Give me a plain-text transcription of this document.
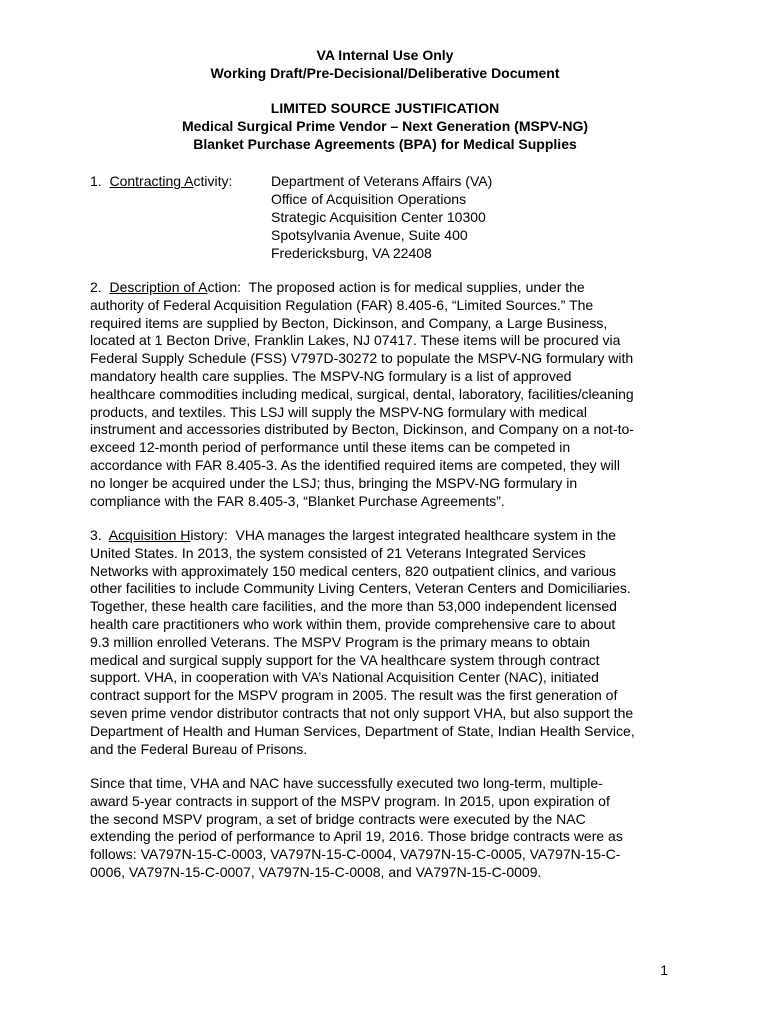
VA Internal Use Only
Working Draft/Pre-Decisional/Deliberative Document
LIMITED SOURCE JUSTIFICATION
Medical Surgical Prime Vendor – Next Generation (MSPV-NG)
Blanket Purchase Agreements (BPA) for Medical Supplies
1. Contracting Activity:	Department of Veterans Affairs (VA)
Office of Acquisition Operations
Strategic Acquisition Center 10300
Spotsylvania Avenue, Suite 400
Fredericksburg, VA 22408
2. Description of Action: The proposed action is for medical supplies, under the
authority of Federal Acquisition Regulation (FAR) 8.405-6, “Limited Sources.” The
required items are supplied by Becton, Dickinson, and Company, a Large Business,
located at 1 Becton Drive, Franklin Lakes, NJ 07417. These items will be procured via
Federal Supply Schedule (FSS) V797D-30272 to populate the MSPV-NG formulary with
mandatory health care supplies. The MSPV-NG formulary is a list of approved
healthcare commodities including medical, surgical, dental, laboratory, facilities/cleaning
products, and textiles. This LSJ will supply the MSPV-NG formulary with medical
instrument and accessories distributed by Becton, Dickinson, and Company on a not-to-
exceed 12-month period of performance until these items can be competed in
accordance with FAR 8.405-3. As the identified required items are competed, they will
no longer be acquired under the LSJ; thus, bringing the MSPV-NG formulary in
compliance with the FAR 8.405-3, “Blanket Purchase Agreements”.
3. Acquisition History: VHA manages the largest integrated healthcare system in the
United States. In 2013, the system consisted of 21 Veterans Integrated Services
Networks with approximately 150 medical centers, 820 outpatient clinics, and various
other facilities to include Community Living Centers, Veteran Centers and Domiciliaries.
Together, these health care facilities, and the more than 53,000 independent licensed
health care practitioners who work within them, provide comprehensive care to about
9.3 million enrolled Veterans. The MSPV Program is the primary means to obtain
medical and surgical supply support for the VA healthcare system through contract
support. VHA, in cooperation with VA’s National Acquisition Center (NAC), initiated
contract support for the MSPV program in 2005. The result was the first generation of
seven prime vendor distributor contracts that not only support VHA, but also support the
Department of Health and Human Services, Department of State, Indian Health Service,
and the Federal Bureau of Prisons.
Since that time, VHA and NAC have successfully executed two long-term, multiple-
award 5-year contracts in support of the MSPV program. In 2015, upon expiration of
the second MSPV program, a set of bridge contracts were executed by the NAC
extending the period of performance to April 19, 2016. Those bridge contracts were as
follows: VA797N-15-C-0003, VA797N-15-C-0004, VA797N-15-C-0005, VA797N-15-C-
0006, VA797N-15-C-0007, VA797N-15-C-0008, and VA797N-15-C-0009.
1
